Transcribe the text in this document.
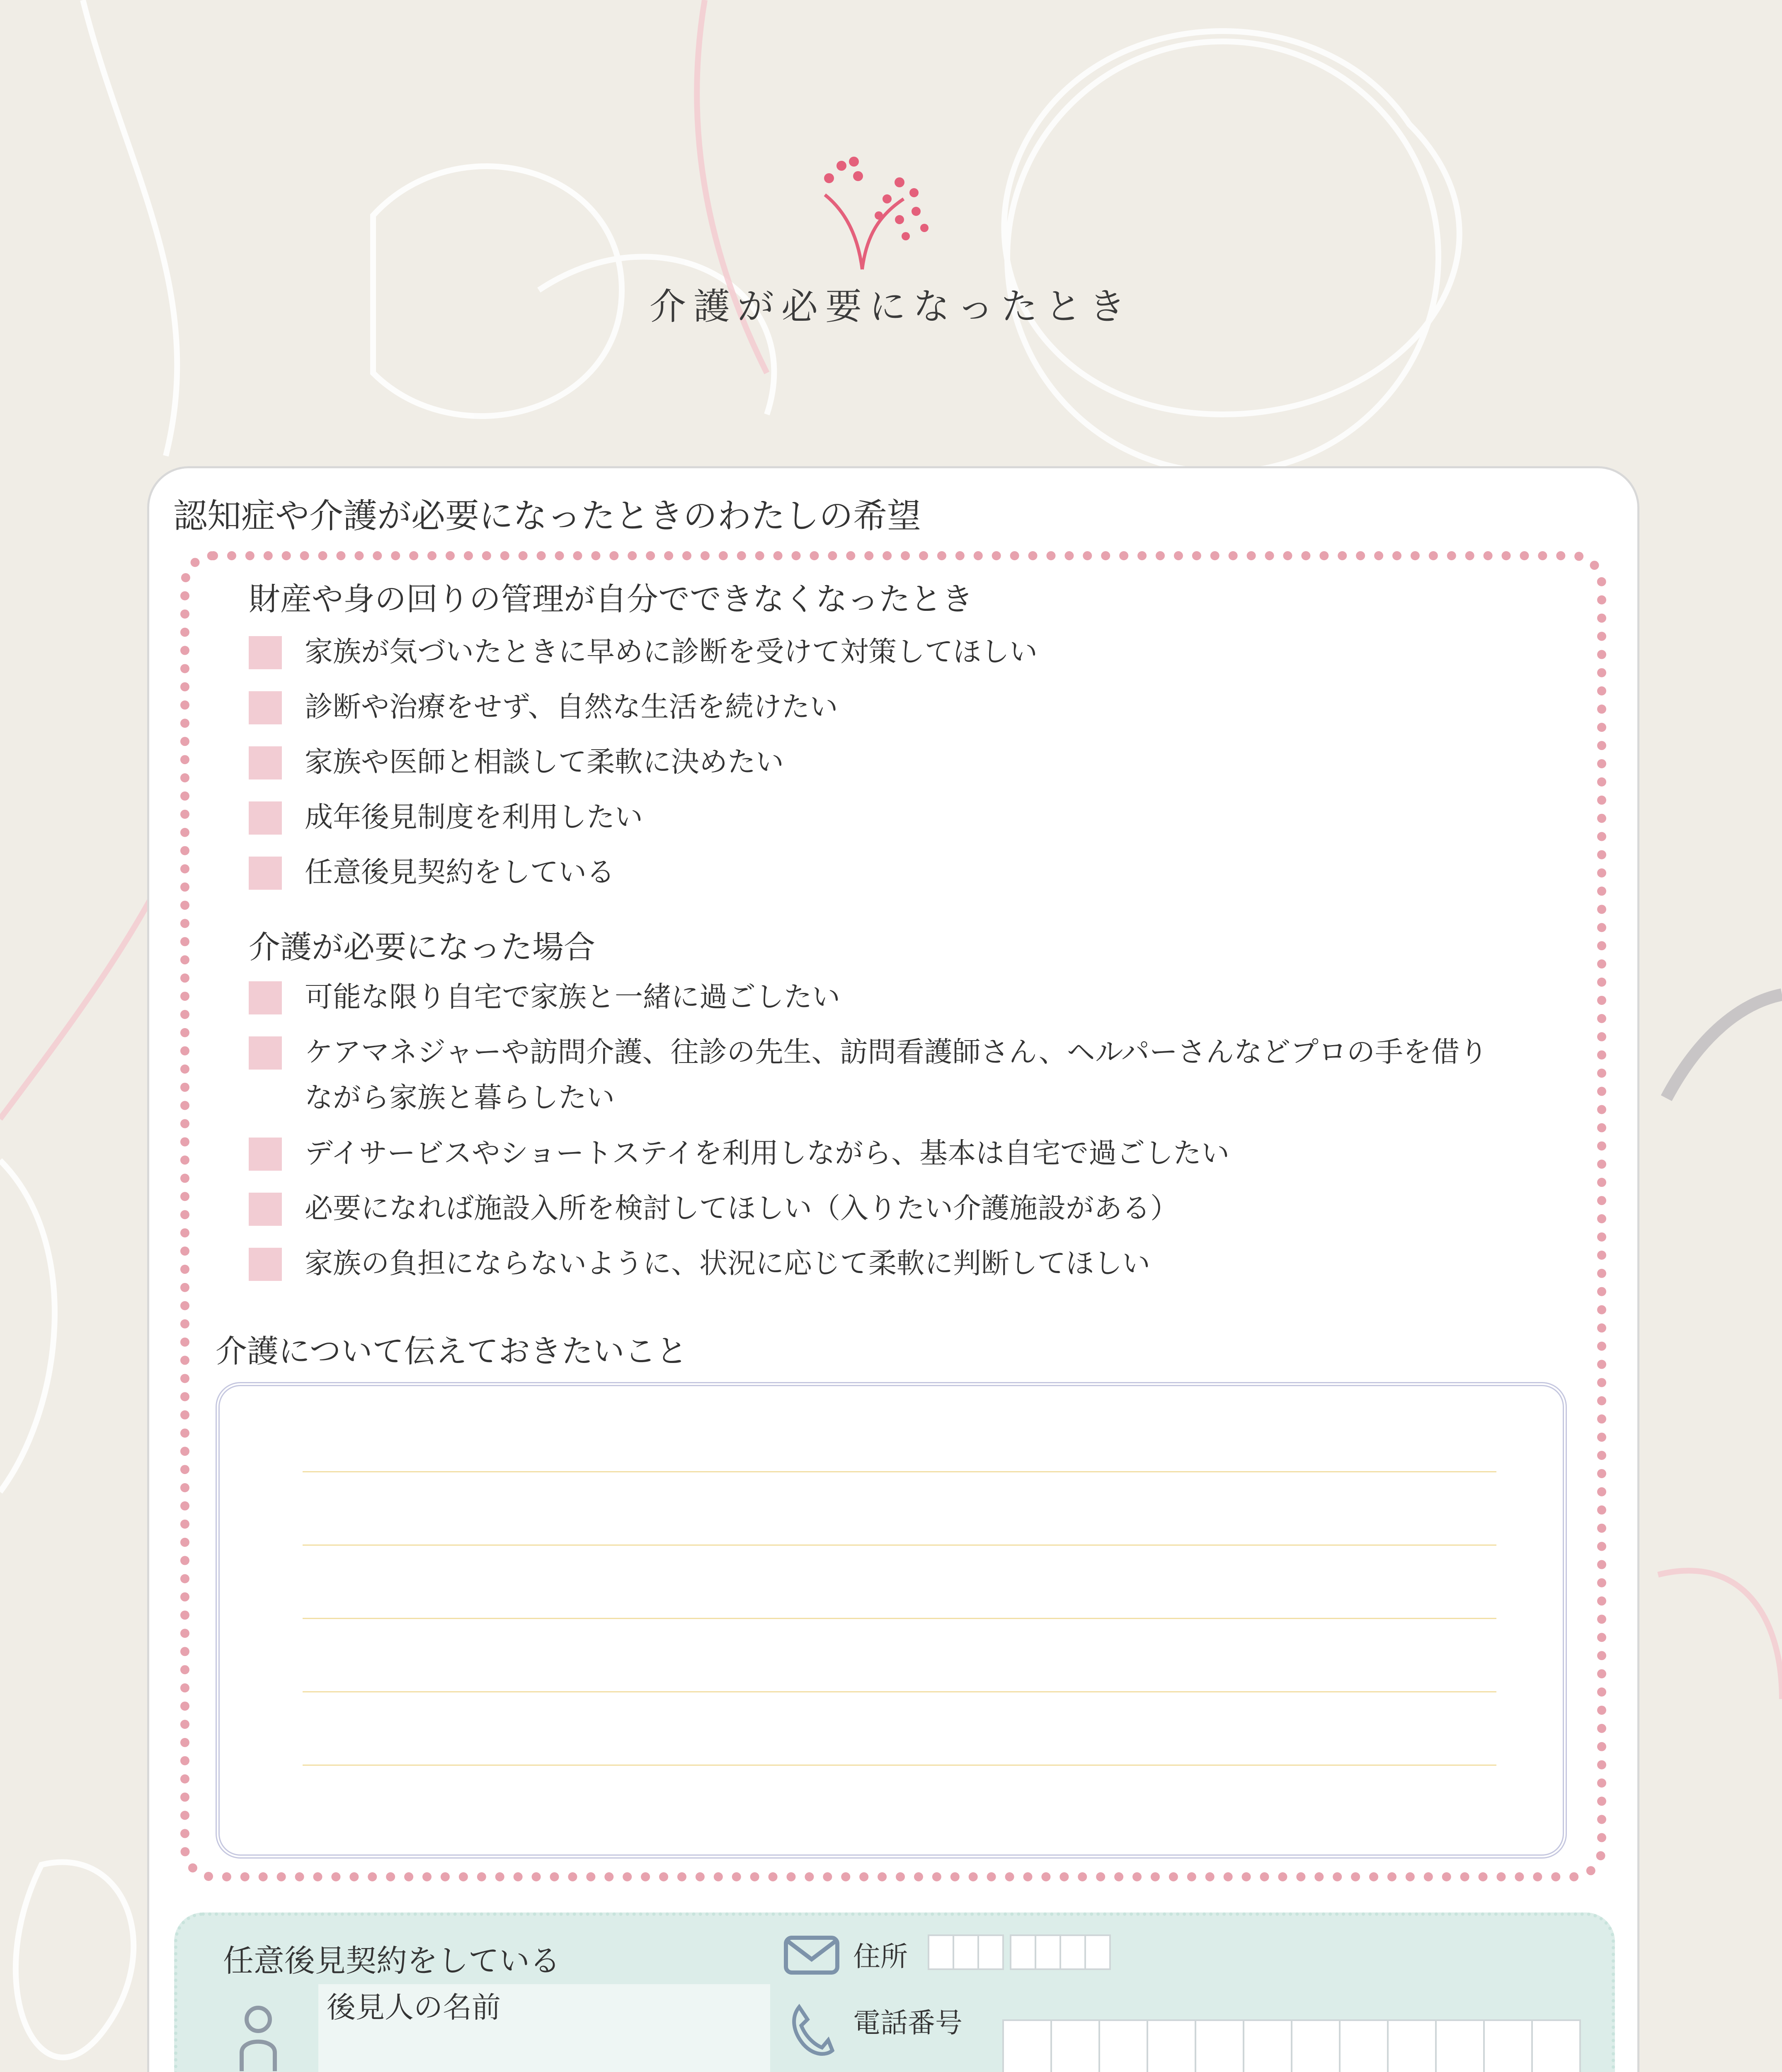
介護が必要になったとき
認知症や介護が必要になったときのわたしの希望
財産や身の回りの管理が自分でできなくなったとき
家族が気づいたときに早めに診断を受けて対策してほしい
診断や治療をせず、自然な生活を続けたい
家族や医師と相談して柔軟に決めたい
成年後見制度を利用したい
任意後見契約をしている
介護が必要になった場合
可能な限り自宅で家族と一緒に過ごしたい
ケアマネジャーや訪問介護、往診の先生、訪問看護師さん、ヘルパーさんなどプロの手を借り
ながら家族と暮らしたい
デイサービスやショートステイを利用しながら、基本は自宅で過ごしたい
必要になれば施設入所を検討してほしい（入りたい介護施設がある）
家族の負担にならないように、状況に応じて柔軟に判断してほしい
介護について伝えておきたいこと
任意後見契約をしている
後見人の名前
住所
電話番号
